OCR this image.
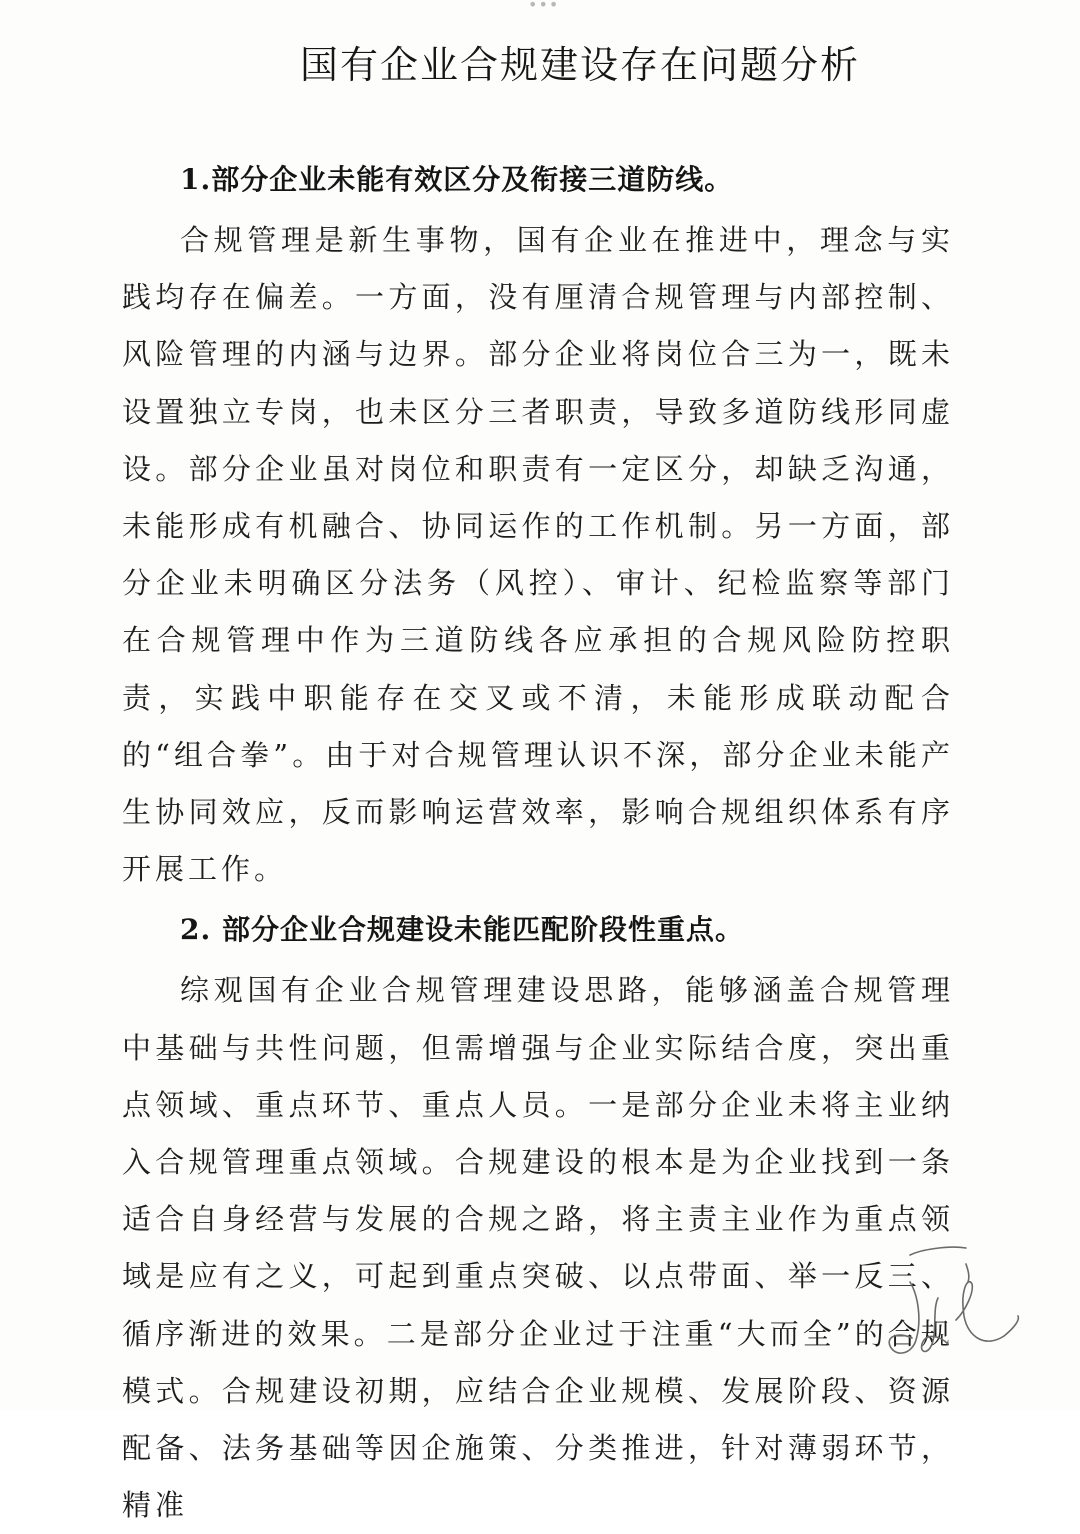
•••
国有企业合规建设存在问题分析
1.部分企业未能有效区分及衔接三道防线。

合规管理是新生事物，国有企业在推进中，理念与实践均存在偏差。一方面，没有厘清合规管理与内部控制、风险管理的内涵与边界。部分企业将岗位合三为一，既未设置独立专岗，也未区分三者职责，导致多道防线形同虚设。部分企业虽对岗位和职责有一定区分，却缺乏沟通，未能形成有机融合、协同运作的工作机制。另一方面，部分企业未明确区分法务（风控）、审计、纪检监察等部门在合规管理中作为三道防线各应承担的合规风险防控职责，实践中职能存在交叉或不清，未能形成联动配合的“组合拳”。由于对合规管理认识不深，部分企业未能产生协同效应，反而影响运营效率，影响合规组织体系有序开展工作。

2. 部分企业合规建设未能匹配阶段性重点。

综观国有企业合规管理建设思路，能够涵盖合规管理中基础与共性问题，但需增强与企业实际结合度，突出重点领域、重点环节、重点人员。一是部分企业未将主业纳入合规管理重点领域。合规建设的根本是为企业找到一条适合自身经营与发展的合规之路，将主责主业作为重点领域是应有之义，可起到重点突破、以点带面、举一反三、循序渐进的效果。二是部分企业过于注重“大而全”的合规模式。合规建设初期，应结合企业规模、发展阶段、资源配备、法务基础等因企施策、分类推进，针对薄弱环节，精准
